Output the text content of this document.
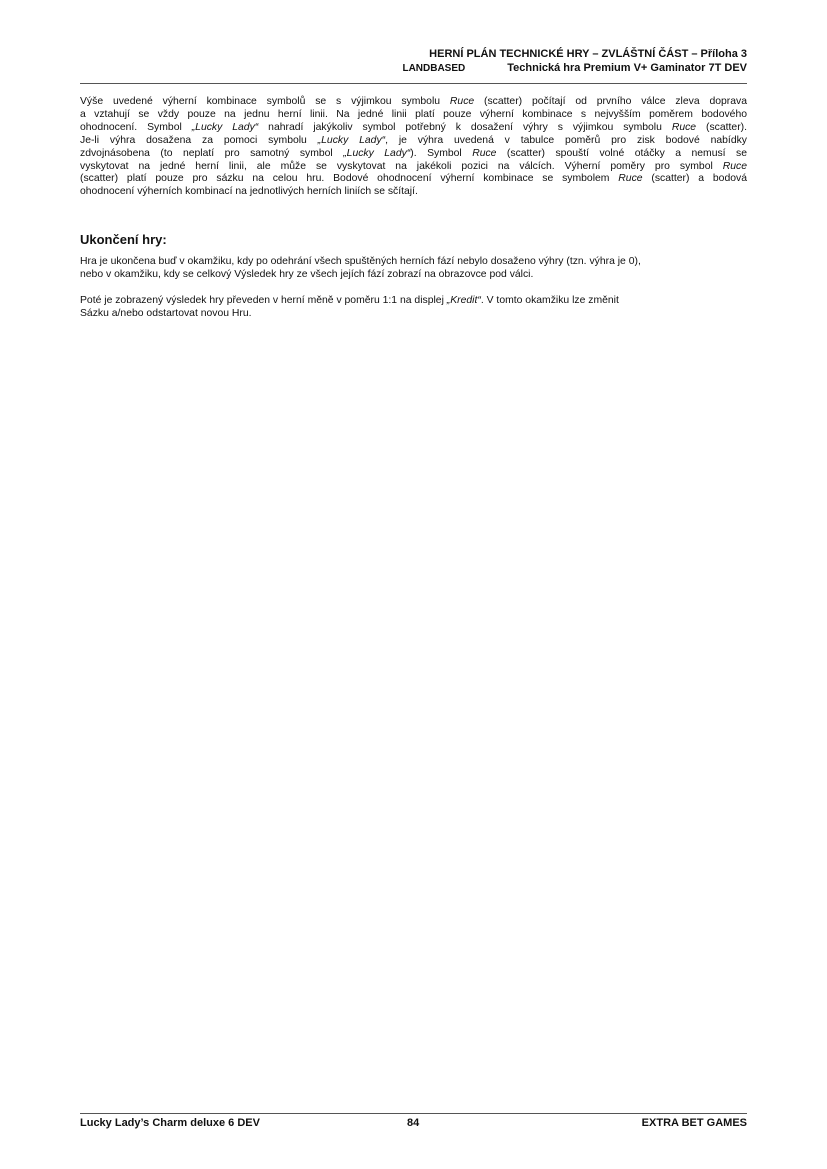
HERNÍ PLÁN TECHNICKÉ HRY – ZVLÁŠTNÍ ČÁST – Příloha 3
LANDBASED	Technická hra Premium V+ Gaminator 7T DEV
Výše uvedené výherní kombinace symbolů se s výjimkou symbolu Ruce (scatter) počítají od prvního válce zleva doprava
a vztahují se vždy pouze na jednu herní linii. Na jedné linii platí pouze výherní kombinace s nejvyšším poměrem bodového
ohodnocení. Symbol „Lucky Lady“ nahradí jakýkoliv symbol potřebný k dosažení výhry s výjimkou symbolu Ruce (scatter).
Je-li výhra dosažena za pomoci symbolu „Lucky Lady“, je výhra uvedená v tabulce poměrů pro zisk bodové nabídky
zdvojnásobena (to neplatí pro samotný symbol „Lucky Lady“). Symbol Ruce (scatter) spouští volné otáčky a nemusí se
vyskytovat na jedné herní linii, ale může se vyskytovat na jakékoli pozici na válcích. Výherní poměry pro symbol Ruce
(scatter) platí pouze pro sázku na celou hru. Bodové ohodnocení výherní kombinace se symbolem Ruce (scatter) a bodová
ohodnocení výherních kombinací na jednotlivých herních liniích se sčítají.
Ukončení hry:
Hra je ukončena buď v okamžiku, kdy po odehrání všech spuštěných herních fází nebylo dosaženo výhry (tzn. výhra je 0),
nebo v okamžiku, kdy se celkový Výsledek hry ze všech jejích fází zobrazí na obrazovce pod válci.
Poté je zobrazený výsledek hry převeden v herní měně v poměru 1:1 na displej „Kredit“. V tomto okamžiku lze změnit
Sázku a/nebo odstartovat novou Hru.
Lucky Lady’s Charm deluxe 6 DEV	84	EXTRA BET GAMES
